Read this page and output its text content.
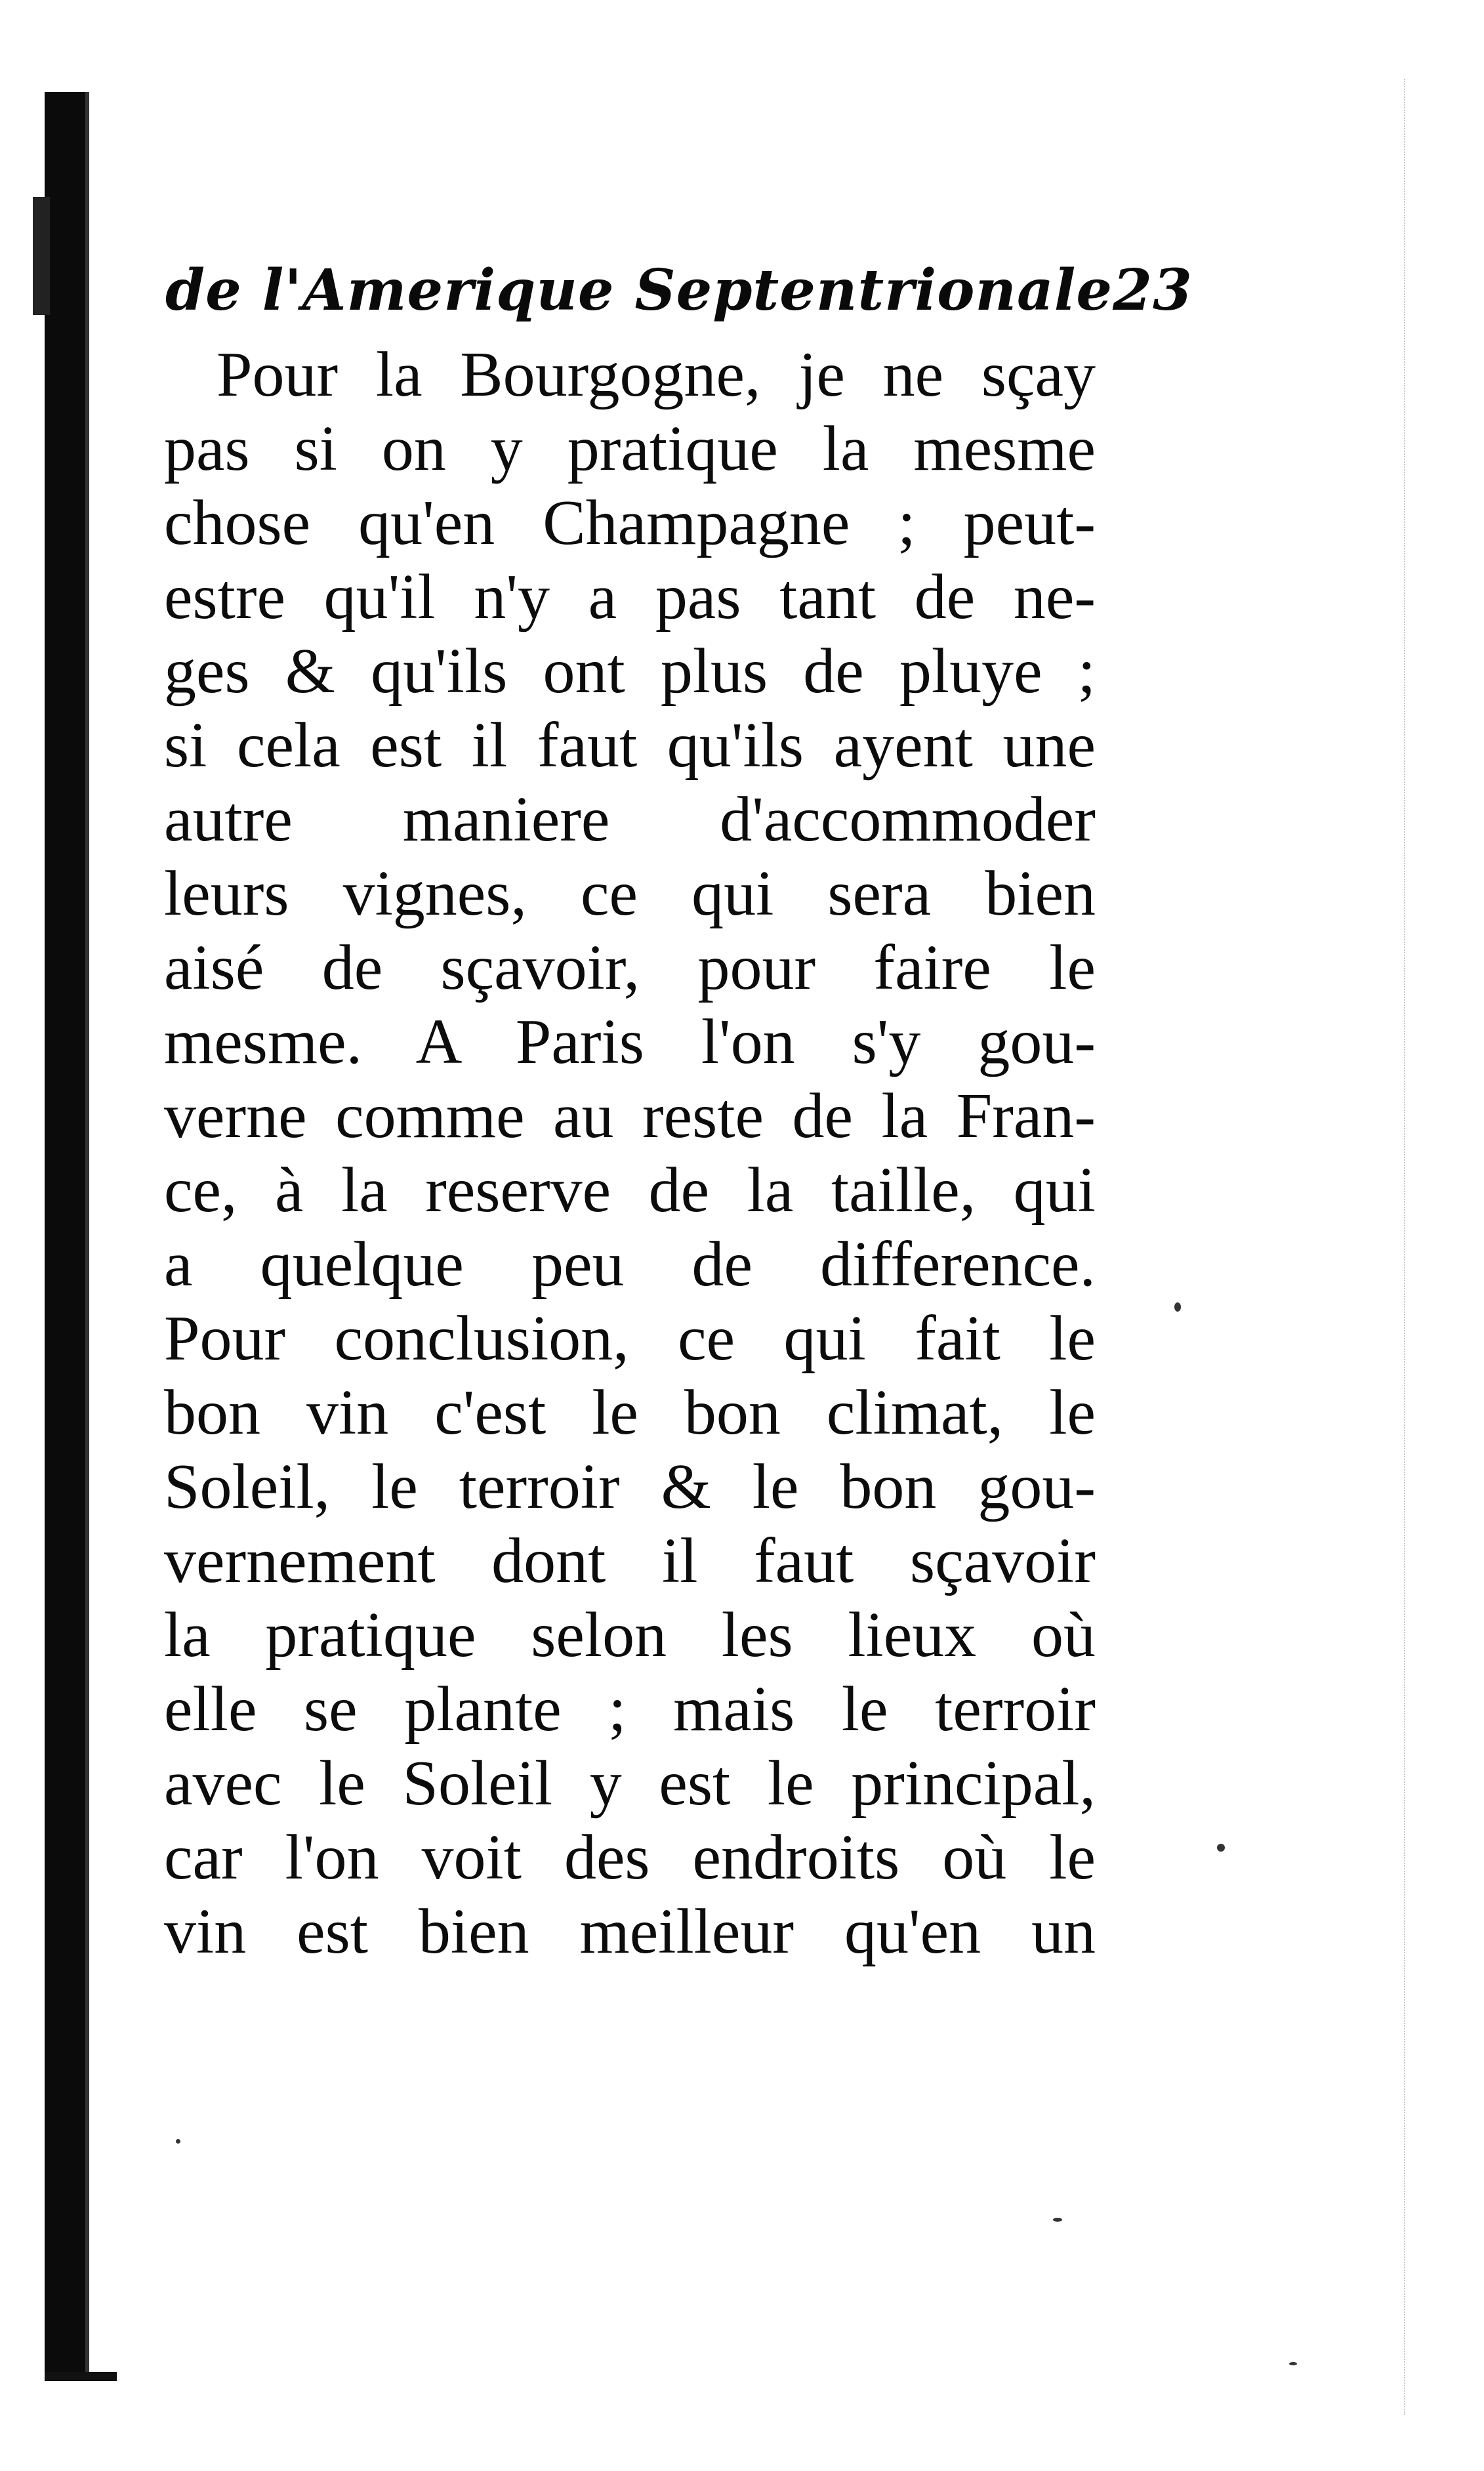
de l'Amerique Septentrionale23
Pour la Bourgogne, je ne sçay
pas si on y pratique la mesme
chose qu'en Champagne ; peut-
estre qu'il n'y a pas tant de ne-
ges & qu'ils ont plus de pluye ;
si cela est il faut qu'ils ayent une
autre maniere d'accommoder
leurs vignes, ce qui sera bien
aisé de sçavoir, pour faire le
mesme. A Paris l'on s'y gou-
verne comme au reste de la Fran-
ce, à la reserve de la taille, qui
a quelque peu de difference.
Pour conclusion, ce qui fait le
bon vin c'est le bon climat, le
Soleil, le terroir & le bon gou-
vernement dont il faut sçavoir
la pratique selon les lieux où
elle se plante ; mais le terroir
avec le Soleil y est le principal,
car l'on voit des endroits où le
vin est bien meilleur qu'en un
